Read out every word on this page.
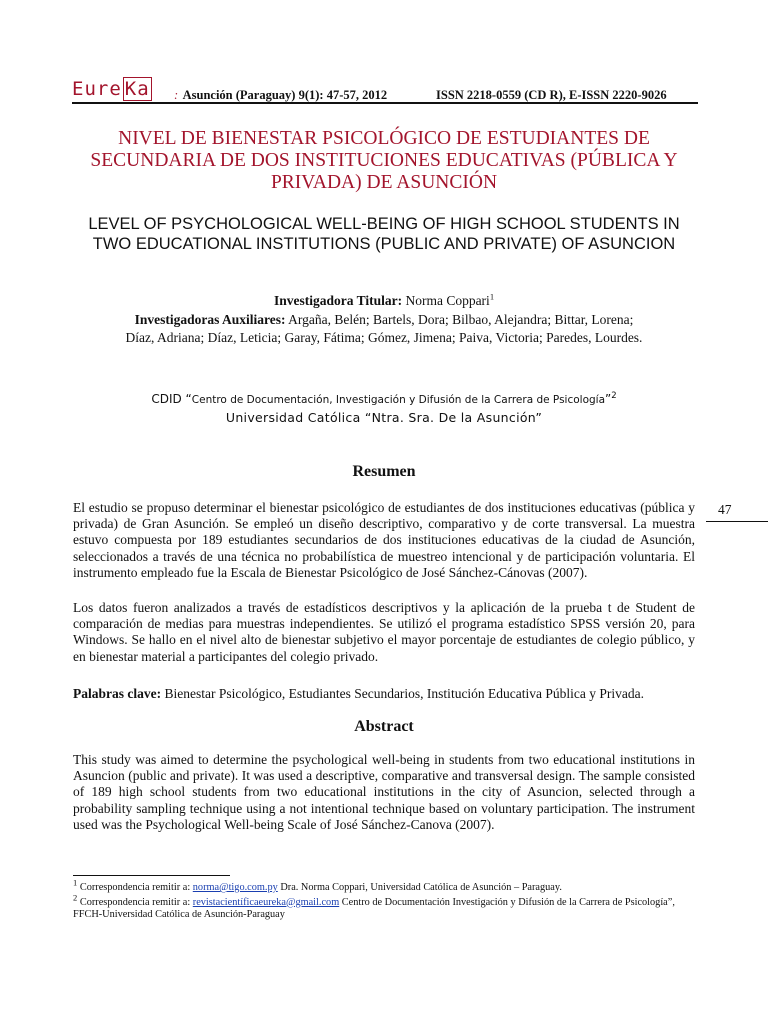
Eure Ka : Asunción (Paraguay) 9(1): 47-57, 2012	ISSN 2218-0559 (CD R), E-ISSN 2220-9026
NIVEL DE BIENESTAR PSICOLÓGICO DE ESTUDIANTES DE SECUNDARIA DE DOS INSTITUCIONES EDUCATIVAS (PÚBLICA Y PRIVADA) DE ASUNCIÓN
LEVEL OF PSYCHOLOGICAL WELL-BEING OF HIGH SCHOOL STUDENTS IN TWO EDUCATIONAL INSTITUTIONS (PUBLIC AND PRIVATE) OF ASUNCION
Investigadora Titular: Norma Coppari$^1$
Investigadoras Auxiliares: Argaña, Belén; Bartels, Dora; Bilbao, Alejandra; Bittar, Lorena; Díaz, Adriana; Díaz, Leticia; Garay, Fátima; Gómez, Jimena; Paiva, Victoria; Paredes, Lourdes.
CDID “Centro de Documentación, Investigación y Difusión de la Carrera de Psicología”$^2$
Universidad Católica “Ntra. Sra. De la Asunción”
Resumen
El estudio se propuso determinar el bienestar psicológico de estudiantes de dos instituciones educativas (pública y privada) de Gran Asunción. Se empleó un diseño descriptivo, comparativo y de corte transversal. La muestra estuvo compuesta por 189 estudiantes secundarios de dos instituciones educativas de la ciudad de Asunción, seleccionados a través de una técnica no probabilística de muestreo intencional y de participación voluntaria. El instrumento empleado fue la Escala de Bienestar Psicológico de José Sánchez-Cánovas (2007).
Los datos fueron analizados a través de estadísticos descriptivos y la aplicación de la prueba t de Student de comparación de medias para muestras independientes. Se utilizó el programa estadístico SPSS versión 20, para Windows. Se hallo en el nivel alto de bienestar subjetivo el mayor porcentaje de estudiantes de colegio público, y en bienestar material a participantes del colegio privado.
Palabras clave: Bienestar Psicológico, Estudiantes Secundarios, Institución Educativa Pública y Privada.
Abstract
This study was aimed to determine the psychological well-being in students from two educational institutions in Asuncion (public and private). It was used a descriptive, comparative and transversal design. The sample consisted of 189 high school students from two educational institutions in the city of Asuncion, selected through a probability sampling technique using a not intentional technique based on voluntary participation. The instrument used was the Psychological Well-being Scale of José Sánchez-Canova (2007).
47
$^1$ Correspondencia remitir a: norma@tigo.com.py Dra. Norma Coppari, Universidad Católica de Asunción – Paraguay.
$^2$ Correspondencia remitir a: revistacientíficaeureka@gmail.com Centro de Documentación Investigación y Difusión de la Carrera de Psicología”, FFCH-Universidad Católica de Asunción-Paraguay
